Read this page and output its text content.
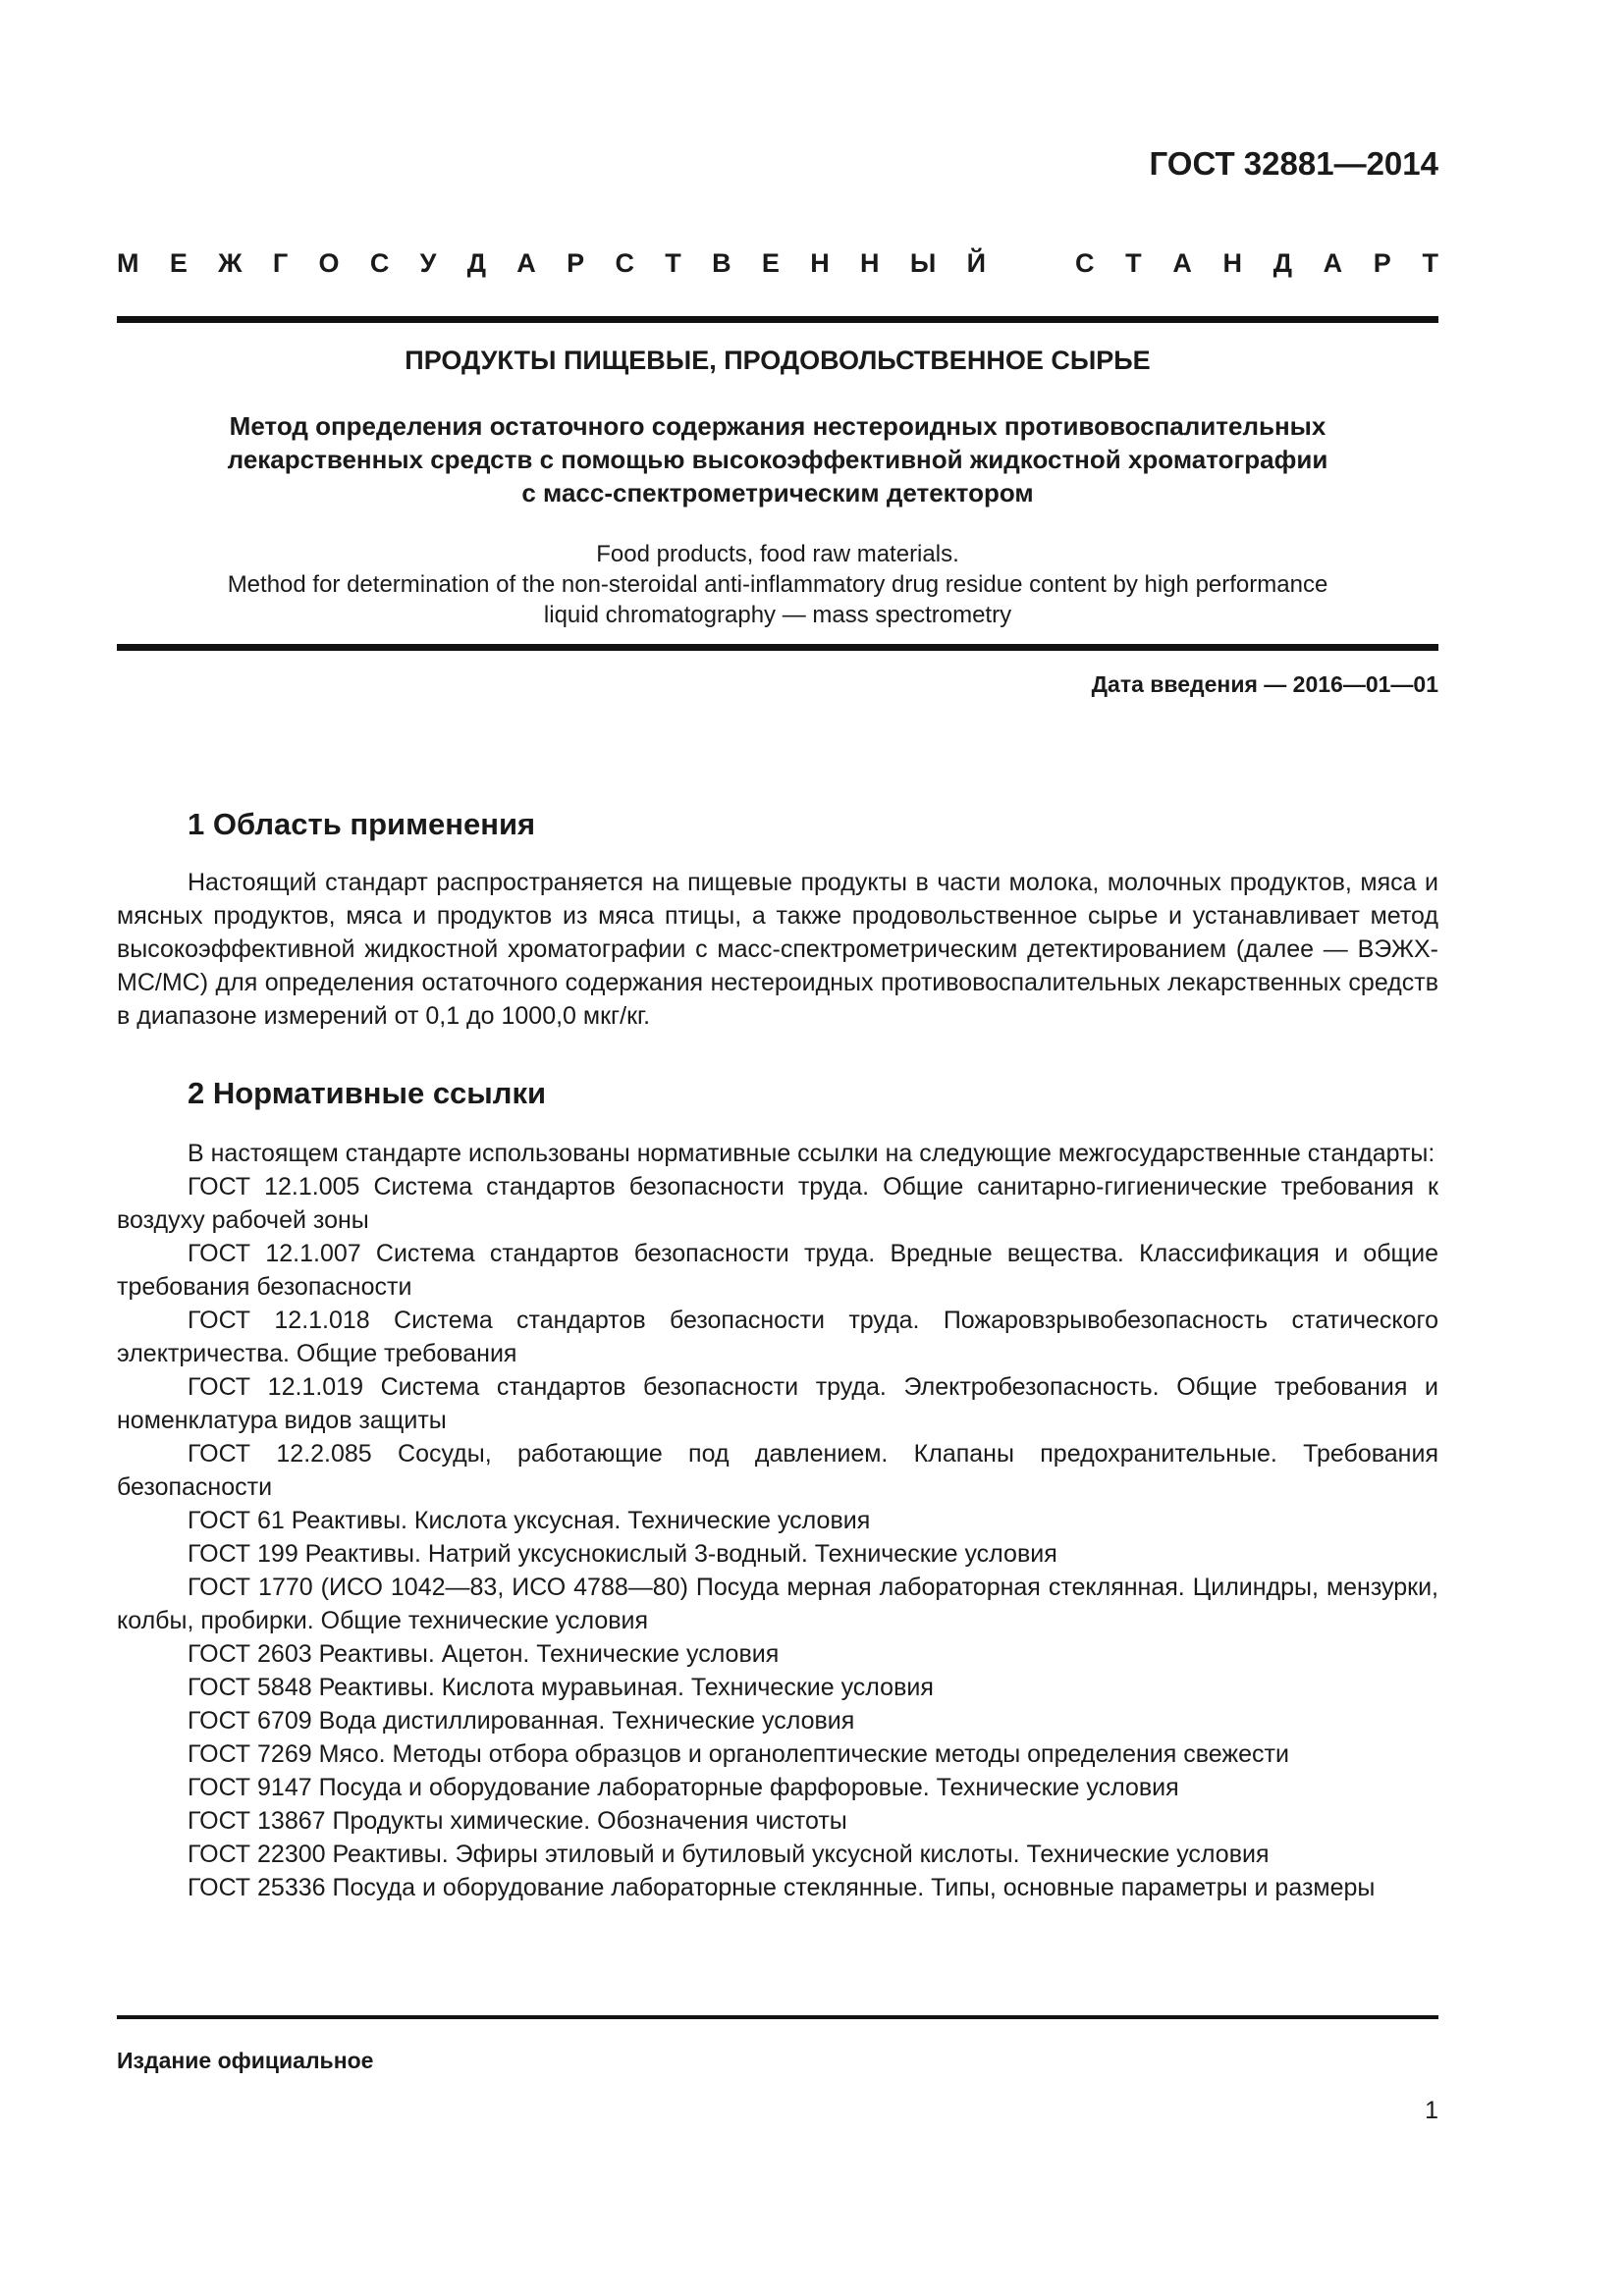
ГОСТ 32881—2014
М Е Ж Г О С У Д А Р С Т В Е Н Н Ы Й	С Т А Н Д А Р Т
ПРОДУКТЫ ПИЩЕВЫЕ, ПРОДОВОЛЬСТВЕННОЕ СЫРЬЕ
Метод определения остаточного содержания нестероидных противовоспалительных
лекарственных средств с помощью высокоэффективной жидкостной хроматографии
с масс-спектрометрическим детектором
Food products, food raw materials.
Method for determination of the non-steroidal anti-inflammatory drug residue content by high performance
liquid chromatography — mass spectrometry
Дата введения — 2016—01—01
1 Область применения

Настоящий стандарт распространяется на пищевые продукты в части молока, молочных продуктов, мяса и мясных продуктов, мяса и продуктов из мяса птицы, а также продовольственное сырье и устанавливает метод высокоэффективной жидкостной хроматографии с масс-спектрометрическим детектированием (далее — ВЭЖХ-МС/МС) для определения остаточного содержания нестероидных противовоспалительных лекарственных средств в диапазоне измерений от 0,1 до 1000,0 мкг/кг.

2 Нормативные ссылки

В настоящем стандарте использованы нормативные ссылки на следующие межгосударственные стандарты:

ГОСТ 12.1.005 Система стандартов безопасности труда. Общие санитарно-гигиенические требования к воздуху рабочей зоны

ГОСТ 12.1.007 Система стандартов безопасности труда. Вредные вещества. Классификация и общие требования безопасности

ГОСТ 12.1.018 Система стандартов безопасности труда. Пожаровзрывобезопасность статического электричества. Общие требования

ГОСТ 12.1.019 Система стандартов безопасности труда. Электробезопасность. Общие требования и номенклатура видов защиты

ГОСТ 12.2.085 Сосуды, работающие под давлением. Клапаны предохранительные. Требования безопасности

ГОСТ 61 Реактивы. Кислота уксусная. Технические условия

ГОСТ 199 Реактивы. Натрий уксуснокислый 3-водный. Технические условия

ГОСТ 1770 (ИСО 1042—83, ИСО 4788—80) Посуда мерная лабораторная стеклянная. Цилиндры, мензурки, колбы, пробирки. Общие технические условия

ГОСТ 2603 Реактивы. Ацетон. Технические условия

ГОСТ 5848 Реактивы. Кислота муравьиная. Технические условия

ГОСТ 6709 Вода дистиллированная. Технические условия

ГОСТ 7269 Мясо. Методы отбора образцов и органолептические методы определения свежести

ГОСТ 9147 Посуда и оборудование лабораторные фарфоровые. Технические условия

ГОСТ 13867 Продукты химические. Обозначения чистоты

ГОСТ 22300 Реактивы. Эфиры этиловый и бутиловый уксусной кислоты. Технические условия

ГОСТ 25336 Посуда и оборудование лабораторные стеклянные. Типы, основные параметры и размеры

Издание официальное
1
